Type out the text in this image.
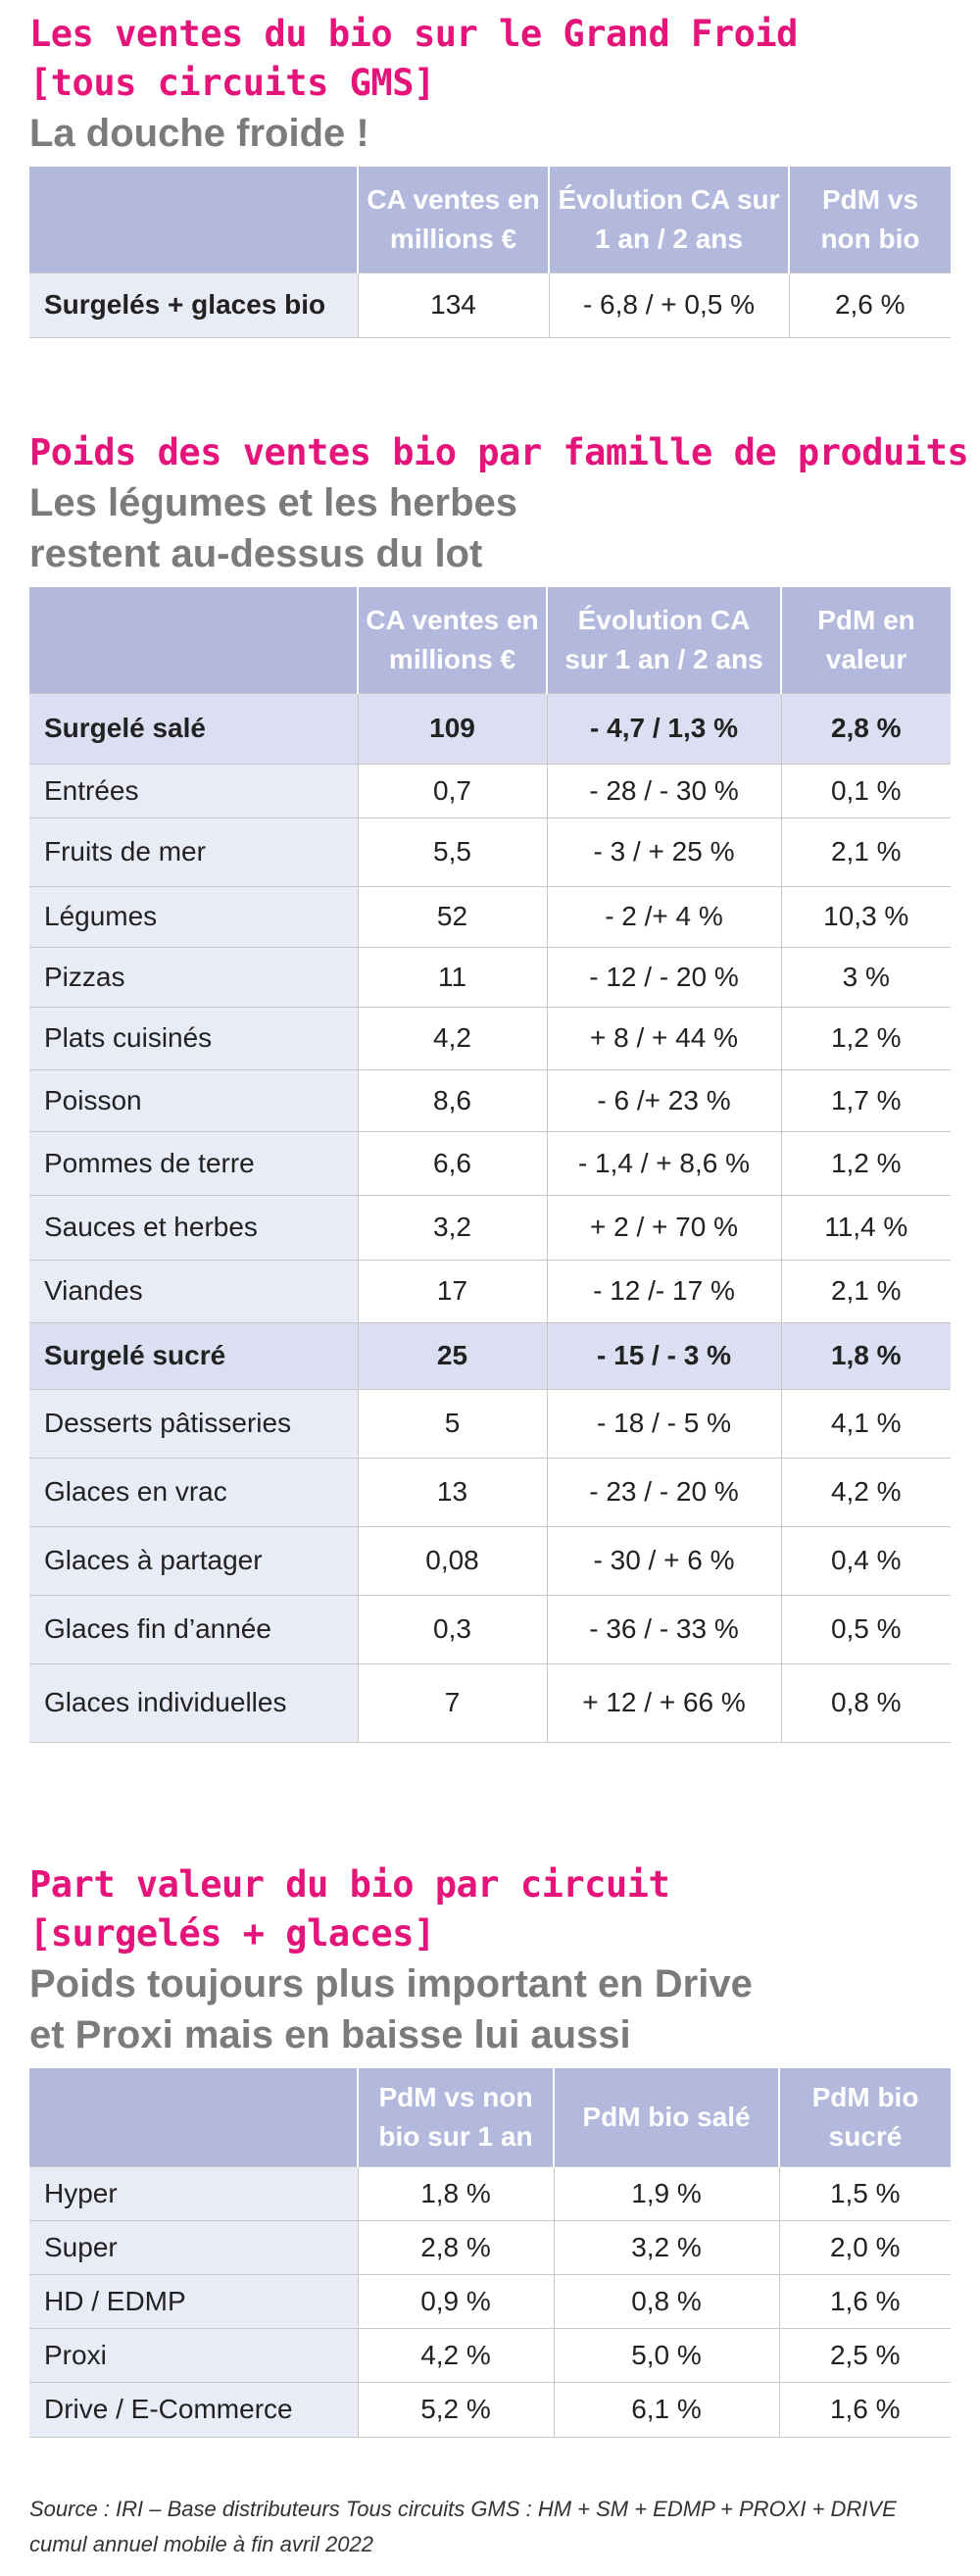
Les ventes du bio sur le Grand Froid
[tous circuits GMS]
La douche froide !
	CA ventes en millions €	Évolution CA sur 1 an / 2 ans	PdM vs non bio
Surgelés + glaces bio	134	- 6,8 / + 0,5 %	2,6 %
Poids des ventes bio par famille de produits
Les légumes et les herbes
restent au-dessus du lot
	CA ventes en millions €	Évolution CA sur 1 an / 2 ans	PdM en valeur
Surgelé salé	109	- 4,7 / 1,3 %	2,8 %
Entrées	0,7	- 28 / - 30 %	0,1 %
Fruits de mer	5,5	- 3 / + 25 %	2,1 %
Légumes	52	- 2 /+ 4 %	10,3 %
Pizzas	11	- 12 / - 20 %	3 %
Plats cuisinés	4,2	+ 8 / + 44 %	1,2 %
Poisson	8,6	- 6 /+ 23 %	1,7 %
Pommes de terre	6,6	- 1,4 / + 8,6 %	1,2 %
Sauces et herbes	3,2	+ 2 / + 70 %	11,4 %
Viandes	17	- 12 /- 17 %	2,1 %
Surgelé sucré	25	- 15 / - 3 %	1,8 %
Desserts pâtisseries	5	- 18 / - 5 %	4,1 %
Glaces en vrac	13	- 23 / - 20 %	4,2 %
Glaces à partager	0,08	- 30 / + 6 %	0,4 %
Glaces fin d’année	0,3	- 36 / - 33 %	0,5 %
Glaces individuelles	7	+ 12 / + 66 %	0,8 %
Part valeur du bio par circuit
[surgelés + glaces]
Poids toujours plus important en Drive
et Proxi mais en baisse lui aussi
	PdM vs non bio sur 1 an	PdM bio salé	PdM bio sucré
Hyper	1,8 %	1,9 %	1,5 %
Super	2,8 %	3,2 %	2,0 %
HD / EDMP	0,9 %	0,8 %	1,6 %
Proxi	4,2 %	5,0 %	2,5 %
Drive / E-Commerce	5,2 %	6,1 %	1,6 %
Source : IRI – Base distributeurs Tous circuits GMS : HM + SM + EDMP + PROXI + DRIVE
cumul annuel mobile à fin avril 2022
